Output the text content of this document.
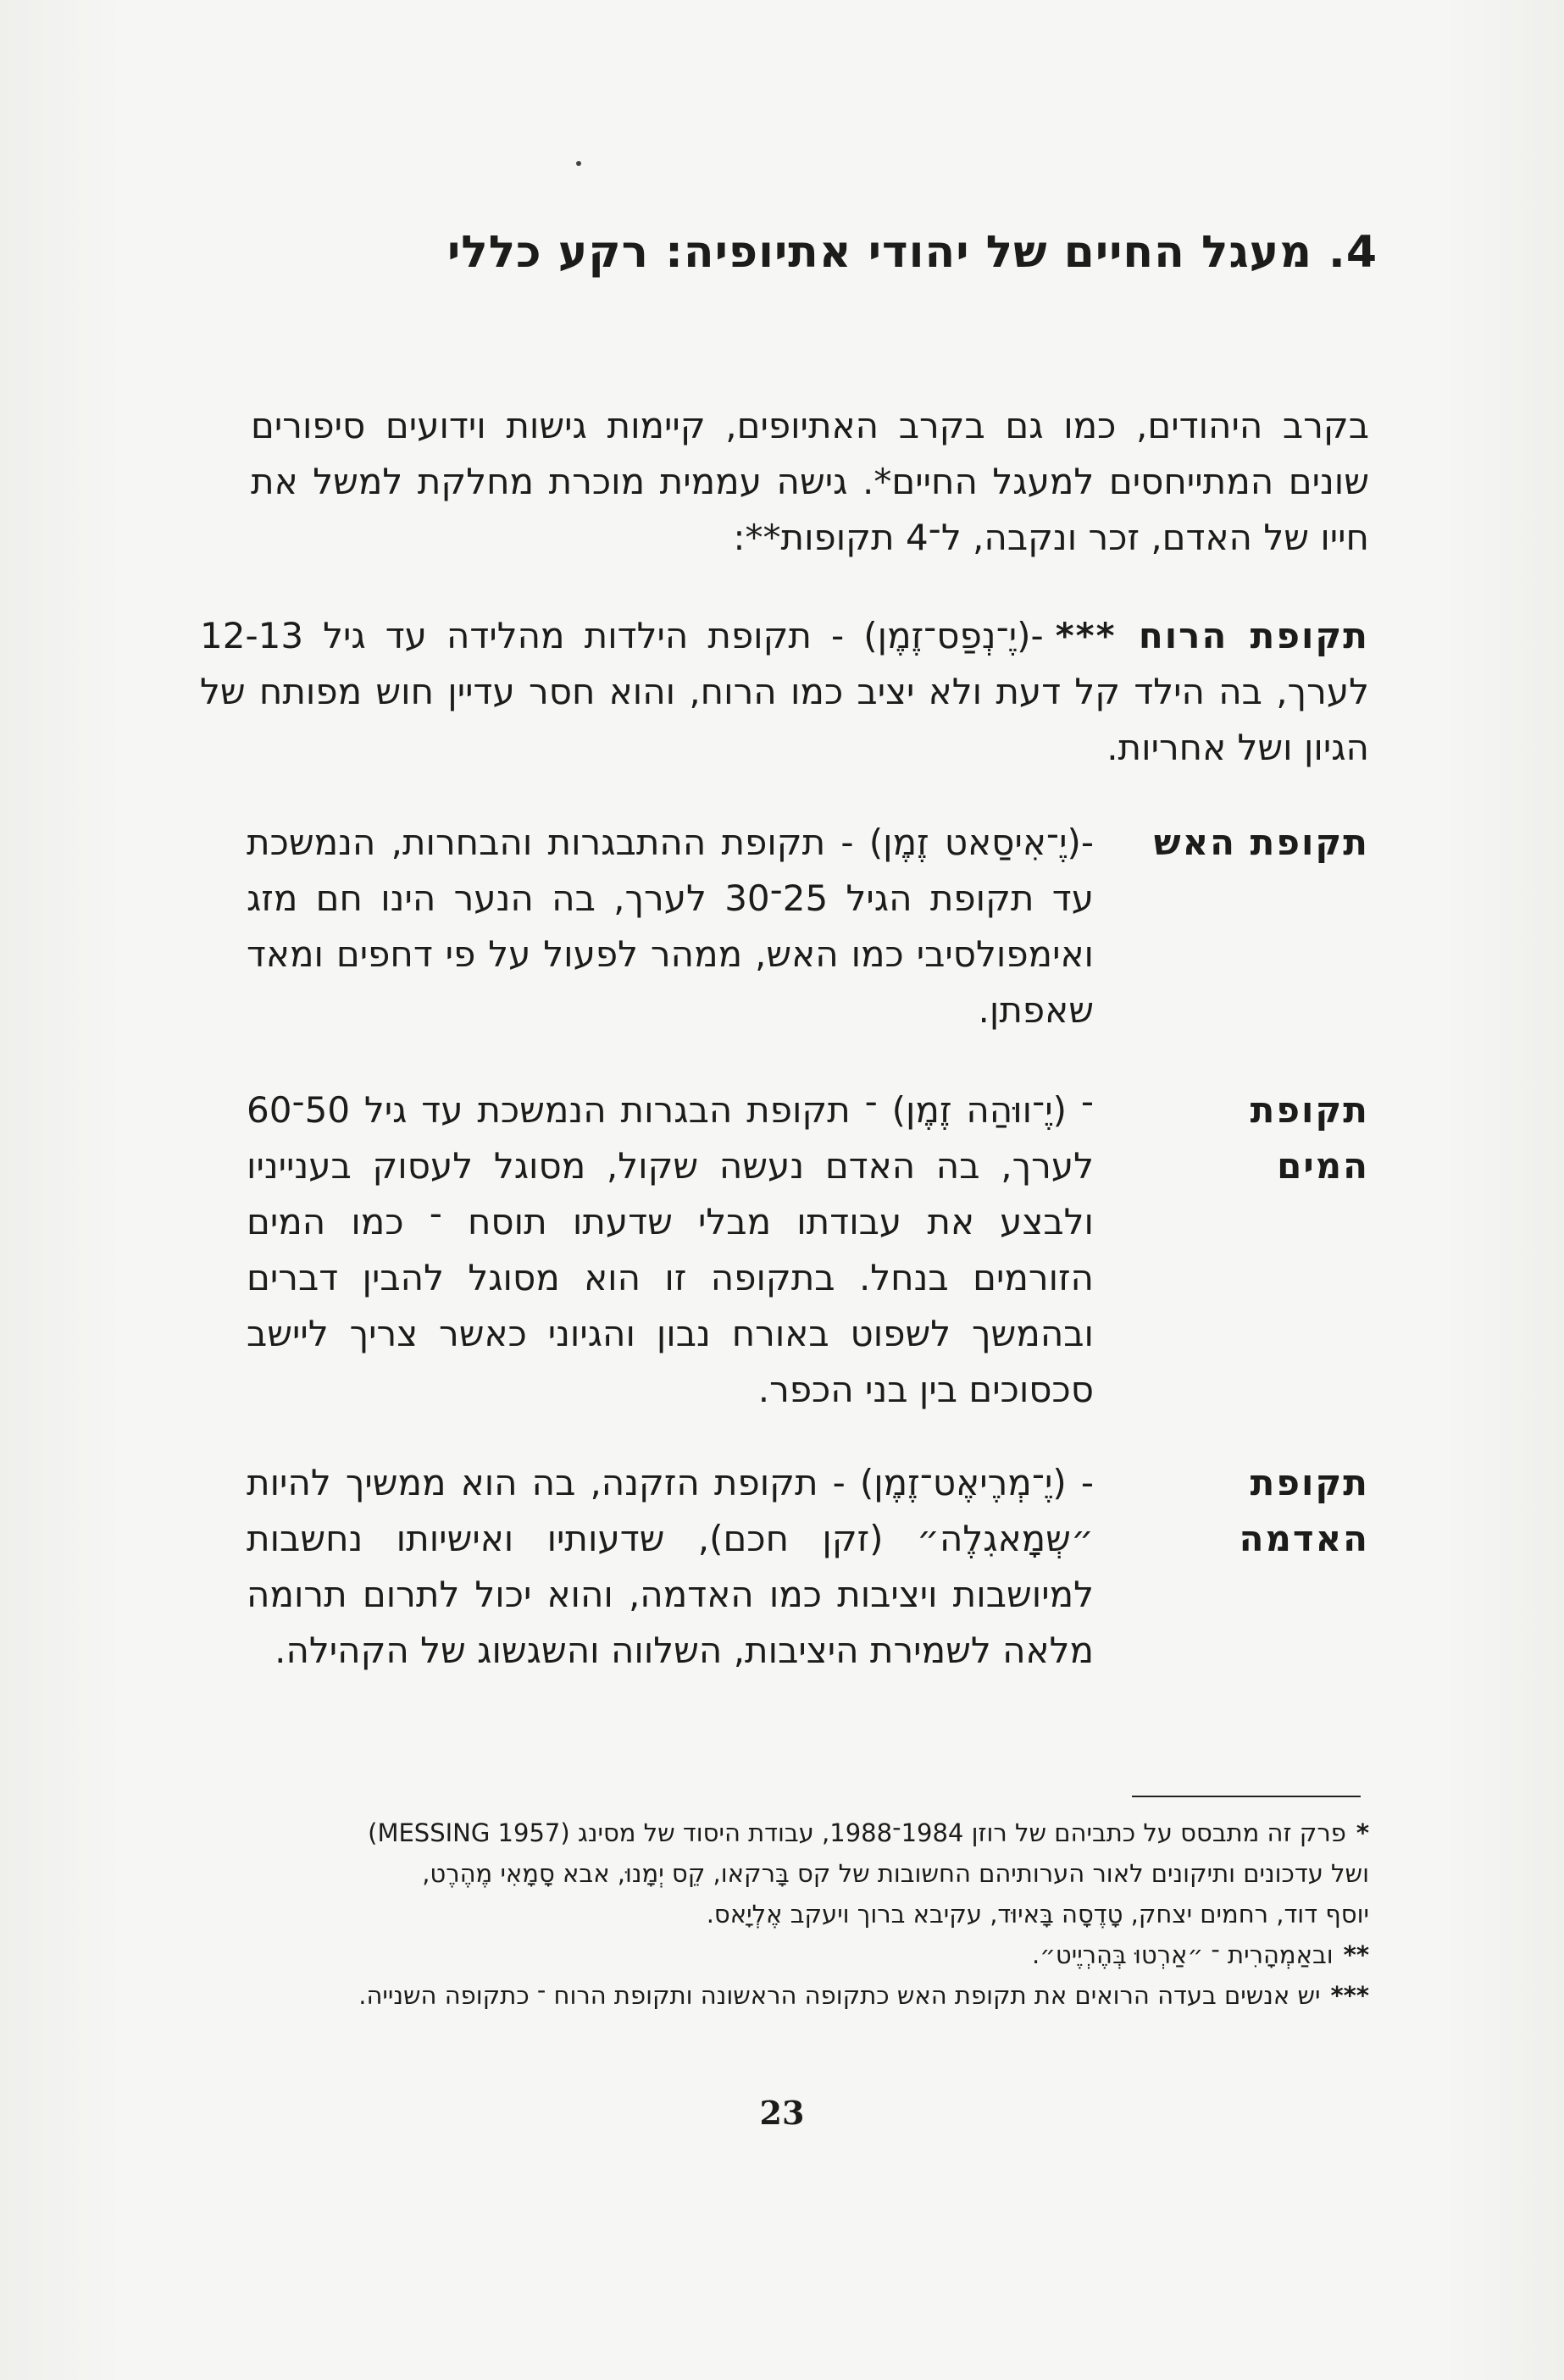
4. מעגל החיים של יהודי אתיופיה: רקע כללי
בקרב היהודים, כמו גם בקרב האתיופים, קיימות גישות וידועים סיפורים שונים המתייחסים למעגל החיים*. גישה עממית מוכרת מחלקת למשל את חייו של האדם, זכר ונקבה, ל־4 תקופות**:
תקופת הרוח ***-(יֶ־נְפַס־זֶמֶן) - תקופת הילדות מהלידה עד גיל 12-13 לערך, בה הילד קל דעת ולא יציב כמו הרוח, והוא חסר עדיין חוש מפותח של הגיון ושל אחריות.
תקופת האש
-(יֶ־אִיסַאט זֶמֶן) - תקופת ההתבגרות והבחרות, הנמשכת עד תקופת הגיל 25־30 לערך, בה הנער הינו חם מזג ואימפולסיבי כמו האש, ממהר לפעול על פי דחפים ומאד שאפתן.
תקופת המים
־ (יֶ־ווּהַה זֶמֶן) ־ תקופת הבגרות הנמשכת עד גיל 50־60 לערך, בה האדם נעשה שקול, מסוגל לעסוק בענייניו ולבצע את עבודתו מבלי שדעתו תוסח ־ כמו המים הזורמים בנחל. בתקופה זו הוא מסוגל להבין דברים ובהמשך לשפוט באורח נבון והגיוני כאשר צריך ליישב סכסוכים בין בני הכפר.
תקופת האדמה
- (יֶ־מְרֶיאֶט־זֶמֶן) - תקופת הזקנה, בה הוא ממשיך להיות ״שְמָאגִלֶה״ (זקן חכם), שדעותיו ואישיותו נחשבות למיושבות ויציבות כמו האדמה, והוא יכול לתרום תרומה מלאה לשמירת היציבות, השלווה והשגשוג של הקהילה.

*פרק זה מתבסס על כתביהם של רוזן 1984־1988, עבודת היסוד של מסינג (MESSING 1957)

ושל עדכונים ותיקונים לאור הערותיהם החשובות של קס בָּרקאו, קֵס יְמָנוּ, אבא סָמָאִי מֶהֶרֶט,

יוסף דוד, רחמים יצחק, טָדֶסָה בָּאיוּד, עקיבא ברוך ויעקב אֶלְיָאס.

**ובאַמְהָרִית ־ ״אַרְטוּ בְּהֶרְיֶיט״.

***יש אנשים בעדה הרואים את תקופת האש כתקופה הראשונה ותקופת הרוח ־ כתקופה השנייה.

23
